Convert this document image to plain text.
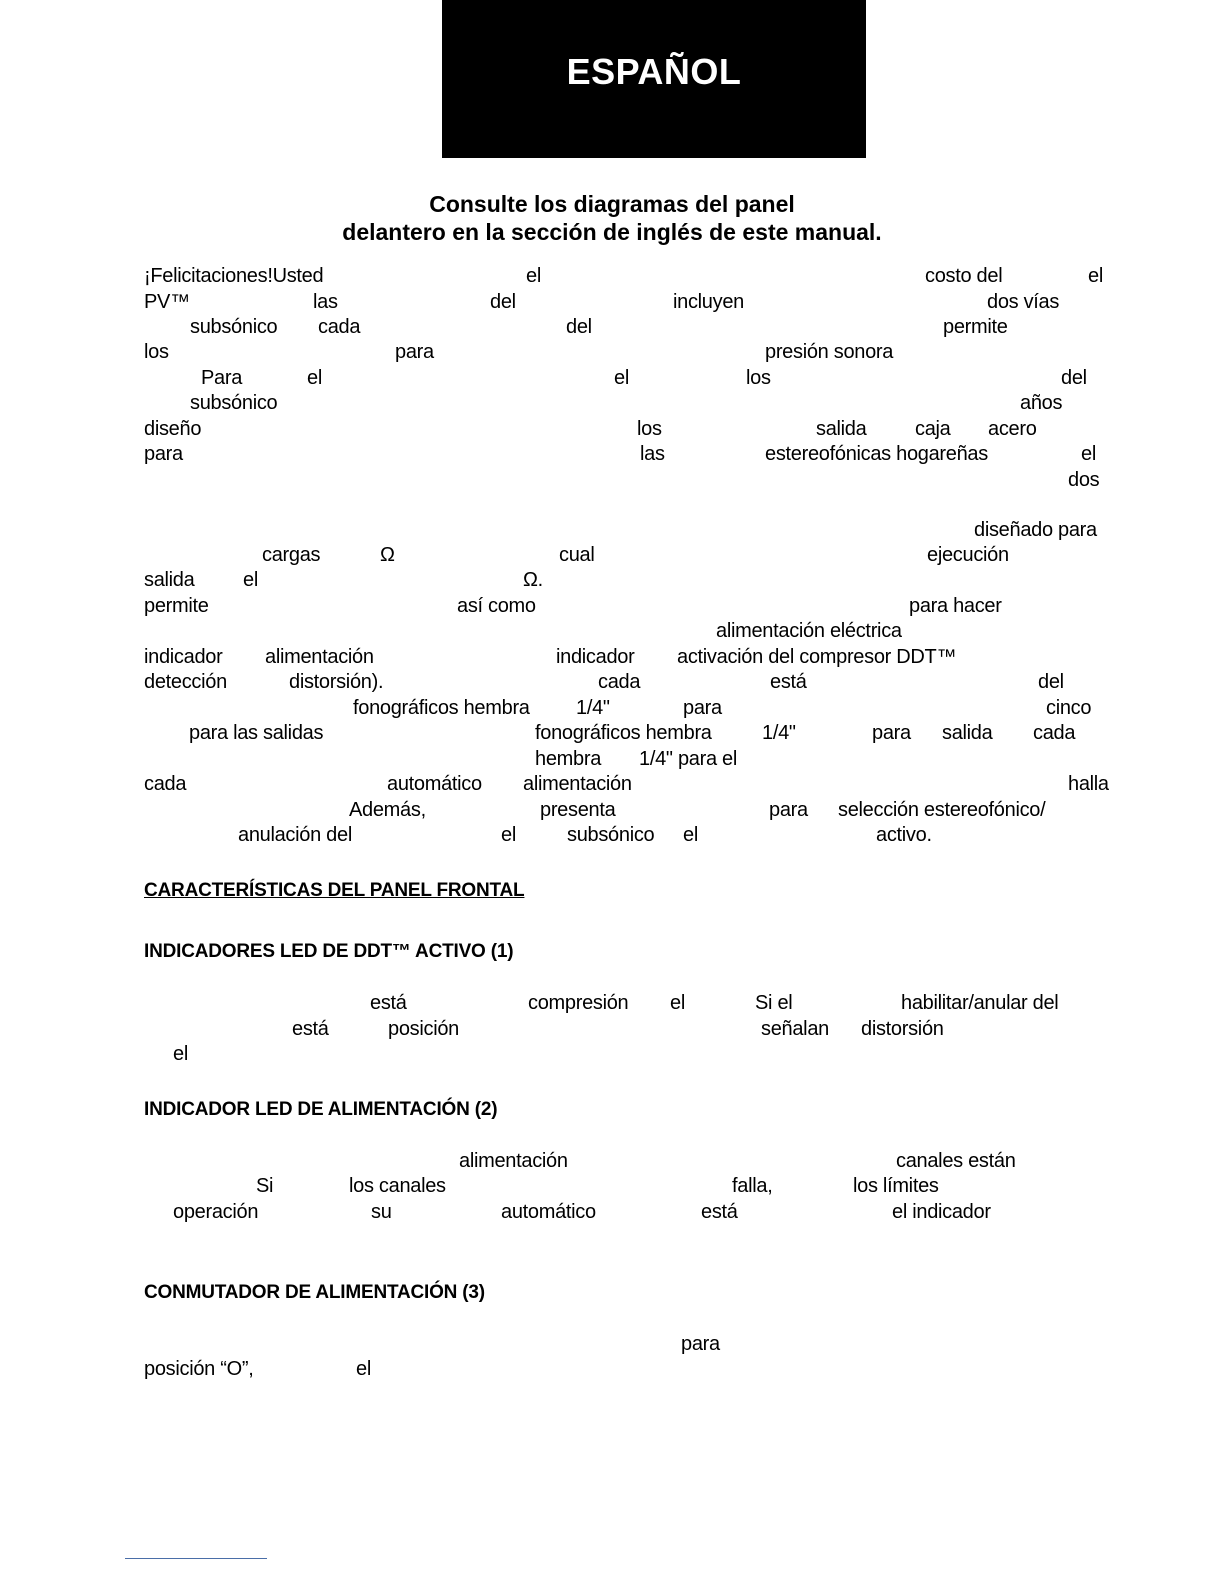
ESPAÑOL
Consulte los diagramas del panel
delantero en la sección de inglés de este manual.
¡Felicitaciones!Usted	el	costo del	el
PV™	las	del	incluyen	dos vías
subsónico cada	del	permite
los	para	presión sonora
Para	el	el	los	del
subsónico	años
diseño	los	salida caja acero
para	las	estereofónicas hogareñas	el
dos
diseñado para
cargas	Ω	cual	ejecución
salida el	Ω.
permite	así como	para hacer
alimentación eléctrica
indicador alimentación	indicador activación del compresor DDT™
detección	distorsión).	cada	está	del
fonográficos hembra 1/4"	para	cinco
para las salidas	fonográficos hembra	1/4"	para salida cada
hembra 1/4" para el
cada	automático alimentación	halla
Además,	presenta	para selección estereofónico/
anulación del	el	subsónico el	activo.
CARACTERÍSTICAS DEL PANEL FRONTAL
INDICADORES LED DE DDT™ ACTIVO (1)
está	compresión el	Si el	habilitar/anular del
está	posición	señalan distorsión
el
INDICADOR LED DE ALIMENTACIÓN (2)
alimentación	canales están
Si	los canales	falla,	los límites
operación	su	automático	está	el indicador
CONMUTADOR DE ALIMENTACIÓN (3)
para
posición “O”,	el
